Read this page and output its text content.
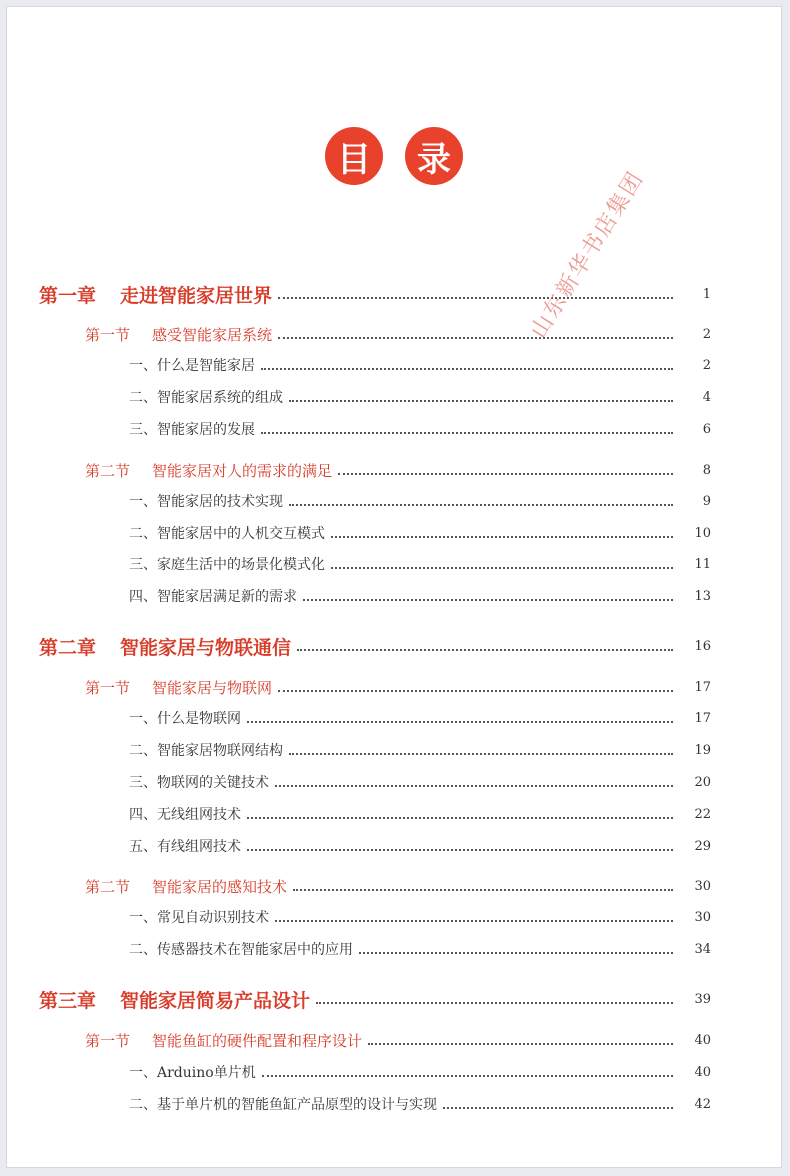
目	录
第一章 走进智能家居世界	1
第一节 感受智能家居系统	2
一、什么是智能家居	2
二、智能家居系统的组成	4
三、智能家居的发展	6
第二节 智能家居对人的需求的满足	8
一、智能家居的技术实现	9
二、智能家居中的人机交互模式	10
三、家庭生活中的场景化模式化	11
四、智能家居满足新的需求	13
第二章 智能家居与物联通信	16
第一节 智能家居与物联网	17
一、什么是物联网	17
二、智能家居物联网结构	19
三、物联网的关键技术	20
四、无线组网技术	22
五、有线组网技术	29
第二节 智能家居的感知技术	30
一、常见自动识别技术	30
二、传感器技术在智能家居中的应用	34
第三章 智能家居简易产品设计	39
第一节 智能鱼缸的硬件配置和程序设计	40
一、Arduino单片机	40
二、基于单片机的智能鱼缸产品原型的设计与实现	42
山东新华书店集团
